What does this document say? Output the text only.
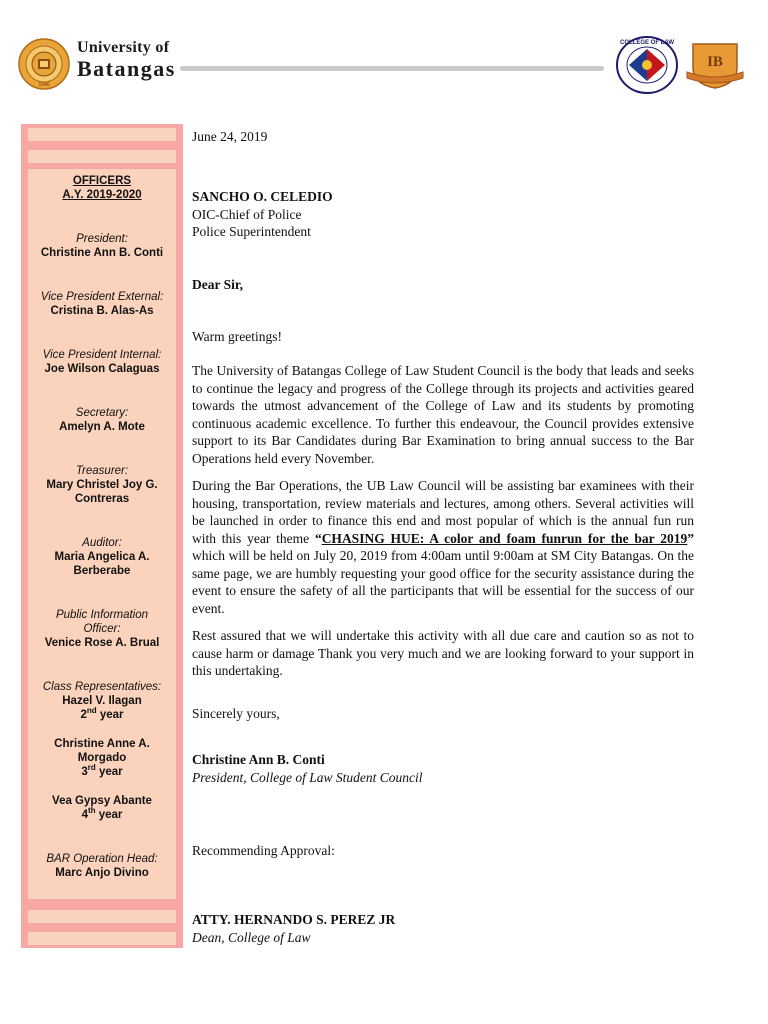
1946
University of
Batangas
COLLEGE OF LAW
IB
OFFICERS
A.Y. 2019-2020
President:
Christine Ann B. Conti
Vice President External:
Cristina B. Alas-As
Vice President Internal:
Joe Wilson Calaguas
Secretary:
Amelyn A. Mote
Treasurer:
Mary Christel Joy G.
Contreras
Auditor:
Maria Angelica A.
Berberabe
Public Information
Officer:
Venice Rose A. Brual
Class Representatives:
Hazel V. Ilagan
2nd year
Christine Anne A.
Morgado
3rd year
Vea Gypsy Abante
4th year
BAR Operation Head:
Marc Anjo Divino
June 24, 2019
SANCHO O. CELEDIO
OIC-Chief of Police
Police Superintendent
Dear Sir,
Warm greetings!

The University of Batangas College of Law Student Council is the body that leads and seeks to continue the legacy and progress of the College through its projects and activities geared towards the utmost advancement of the College of Law and its students by promoting continuous academic excellence. To further this endeavour, the Council provides extensive support to its Bar Candidates during Bar Examination to bring annual success to the Bar Operations held every November.

During the Bar Operations, the UB Law Council will be assisting bar examinees with their housing, transportation, review materials and lectures, among others. Several activities will be launched in order to finance this end and most popular of which is the annual fun run with this year theme “CHASING HUE: A color and foam funrun for the bar 2019” which will be held on July 20, 2019 from 4:00am until 9:00am at SM City Batangas. On the same page, we are humbly requesting your good office for the security assistance during the event to ensure the safety of all the participants that will be essential for the success of our event.

Rest assured that we will undertake this activity with all due care and caution so as not to cause harm or damage Thank you very much and we are looking forward to your support in this undertaking.

Sincerely yours,
Christine Ann B. Conti
President, College of Law Student Council
Recommending Approval:
ATTY. HERNANDO S. PEREZ JR
Dean, College of Law
